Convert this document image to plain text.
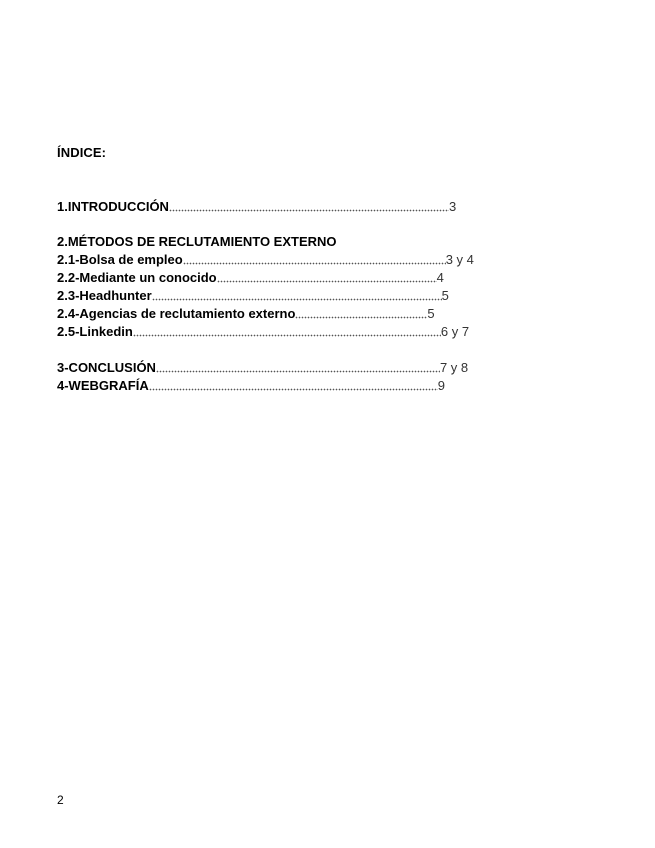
ÍNDICE:
1.INTRODUCCIÓN	3
2.MÉTODOS DE RECLUTAMIENTO EXTERNO
2.1-Bolsa de empleo	3 y 4
2.2-Mediante un conocido	4
2.3-Headhunter	5
2.4-Agencias de reclutamiento externo	5
2.5-Linkedin	6 y 7
3-CONCLUSIÓN	7 y 8
4-WEBGRAFÍA	9
2
